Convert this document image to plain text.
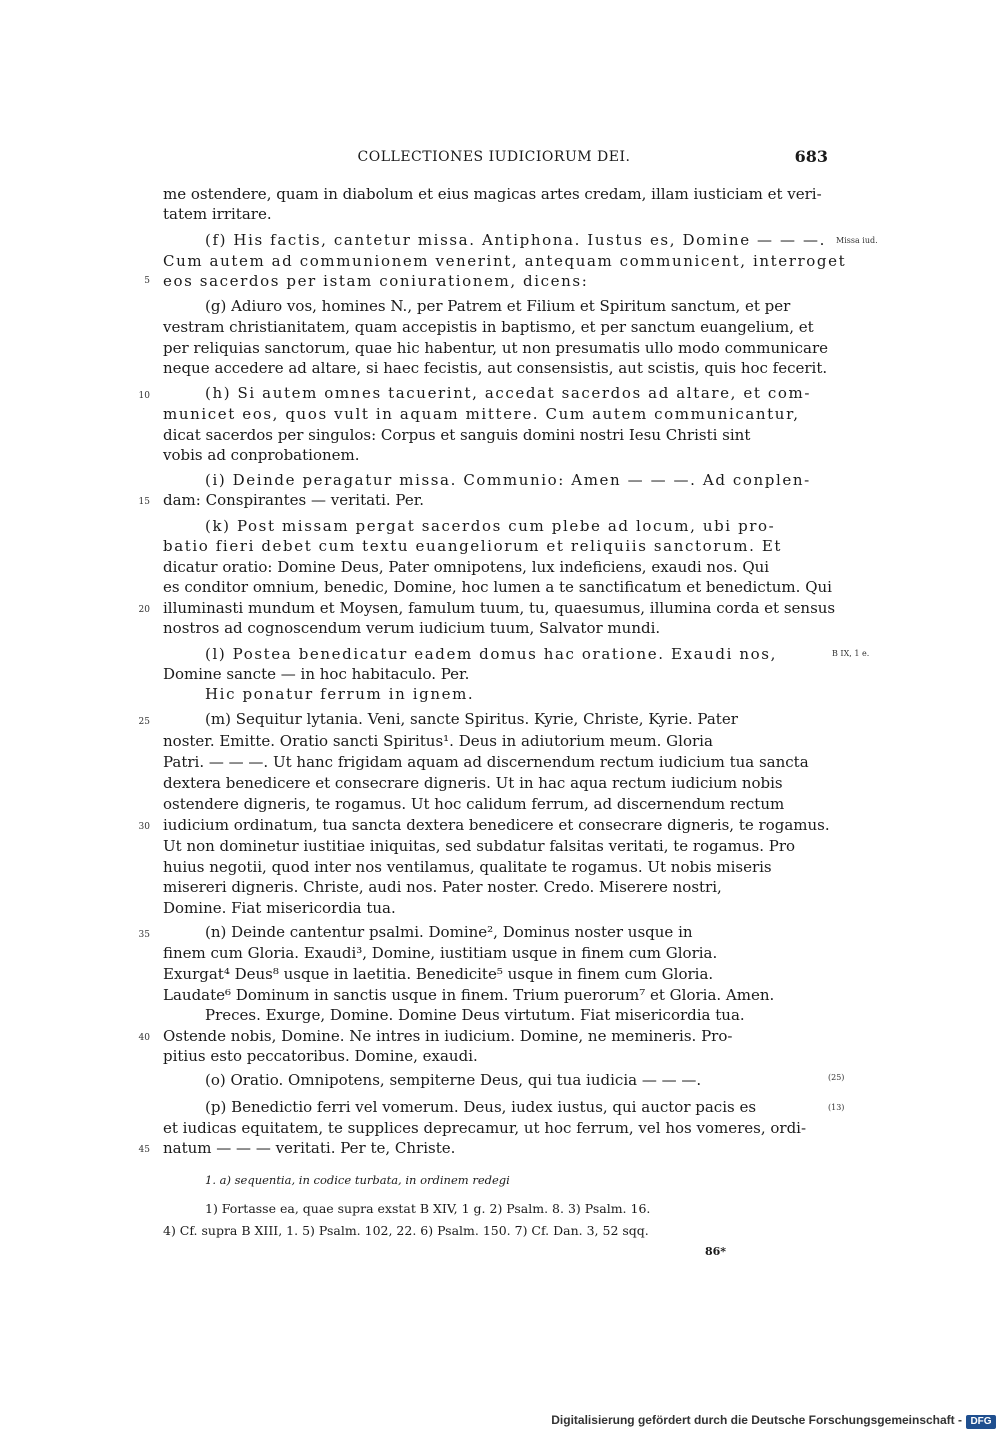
COLLECTIONES IUDICIORUM DEI.	683
me ostendere, quam in diabolum et eius magicas artes credam, illam iusticiam et veri-
tatem irritare.
(f) His factis, cantetur missa. Antiphona. Iustus es, Domine — — —.
Cum autem ad communionem venerint, antequam communicent, interroget
eos sacerdos per istam coniurationem, dicens:
(g) Adiuro vos, homines N., per Patrem et Filium et Spiritum sanctum, et per
vestram christianitatem, quam accepistis in baptismo, et per sanctum euangelium, et
per reliquias sanctorum, quae hic habentur, ut non presumatis ullo modo communicare
neque accedere ad altare, si haec fecistis, aut consensistis, aut scistis, quis hoc fecerit.
(h) Si autem omnes tacuerint, accedat sacerdos ad altare, et com-
municet eos, quos vult in aquam mittere. Cum autem communicantur,
dicat sacerdos per singulos: Corpus et sanguis domini nostri Iesu Christi sint
vobis ad conprobationem.
(i) Deinde peragatur missa. Communio: Amen — — —. Ad conplen-
dam: Conspirantes — veritati. Per.
(k) Post missam pergat sacerdos cum plebe ad locum, ubi pro-
batio fieri debet cum textu euangeliorum et reliquiis sanctorum. Et
dicatur oratio: Domine Deus, Pater omnipotens, lux indeficiens, exaudi nos. Qui
es conditor omnium, benedic, Domine, hoc lumen a te sanctificatum et benedictum. Qui
illuminasti mundum et Moysen, famulum tuum, tu, quaesumus, illumina corda et sensus
nostros ad cognoscendum verum iudicium tuum, Salvator mundi.
(l) Postea benedicatur eadem domus hac oratione. Exaudi nos,
Domine sancte — in hoc habitaculo. Per.
Hic ponatur ferrum in ignem.
(m) Sequitur lytania. Veni, sancte Spiritus. Kyrie, Christe, Kyrie. Pater
noster. Emitte. Oratio sancti Spiritus¹. Deus in adiutorium meum. Gloria
Patri. — — —. Ut hanc frigidam aquam ad discernendum rectum iudicium tua sancta
dextera benedicere et consecrare digneris. Ut in hac aqua rectum iudicium nobis
ostendere digneris, te rogamus. Ut hoc calidum ferrum, ad discernendum rectum
iudicium ordinatum, tua sancta dextera benedicere et consecrare digneris, te rogamus.
Ut non dominetur iustitiae iniquitas, sed subdatur falsitas veritati, te rogamus. Pro
huius negotii, quod inter nos ventilamus, qualitate te rogamus. Ut nobis miseris
misereri digneris. Christe, audi nos. Pater noster. Credo. Miserere nostri,
Domine. Fiat misericordia tua.
(n) Deinde cantentur psalmi. Domine², Dominus noster usque in
finem cum Gloria. Exaudi³, Domine, iustitiam usque in finem cum Gloria.
Exurgat⁴ Deus⁸ usque in laetitia. Benedicite⁵ usque in finem cum Gloria.
Laudate⁶ Dominum in sanctis usque in finem. Trium puerorum⁷ et Gloria. Amen.
Preces. Exurge, Domine. Domine Deus virtutum. Fiat misericordia tua.
Ostende nobis, Domine. Ne intres in iudicium. Domine, ne memineris. Pro-
pitius esto peccatoribus. Domine, exaudi.
(o) Oratio. Omnipotens, sempiterne Deus, qui tua iudicia — — —.
(p) Benedictio ferri vel vomerum. Deus, iudex iustus, qui auctor pacis es
et iudicas equitatem, te supplices deprecamur, ut hoc ferrum, vel hos vomeres, ordi-
natum — — — veritati. Per te, Christe.
5
10
15
20
25
30
35
40
45
Missa iud.
B IX, 1 e.
(25)
(13)
1. a) sequentia, in codice turbata, in ordinem redegi
1) Fortasse ea, quae supra exstat B XIV, 1 g. 2) Psalm. 8. 3) Psalm. 16.
4) Cf. supra B XIII, 1. 5) Psalm. 102, 22. 6) Psalm. 150. 7) Cf. Dan. 3, 52 sqq.
86*
Digitalisierung gefördert durch die Deutsche Forschungsgemeinschaft - DFG
